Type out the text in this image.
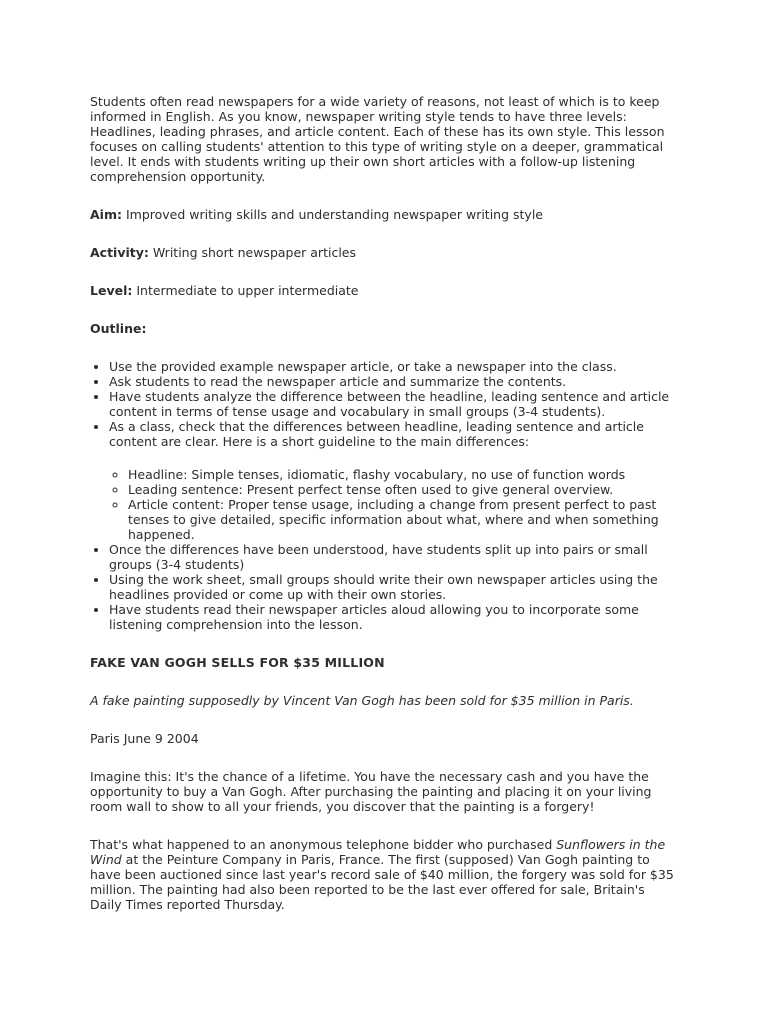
Students often read newspapers for a wide variety of reasons, not least of which is to keep informed in English. As you know, newspaper writing style tends to have three levels: Headlines, leading phrases, and article content. Each of these has its own style. This lesson focuses on calling students' attention to this type of writing style on a deeper, grammatical level. It ends with students writing up their own short articles with a follow-up listening comprehension opportunity.

Aim: Improved writing skills and understanding newspaper writing style

Activity: Writing short newspaper articles

Level: Intermediate to upper intermediate

Outline:

• Use the provided example newspaper article, or take a newspaper into the class.
• Ask students to read the newspaper article and summarize the contents.
• Have students analyze the difference between the headline, leading sentence and article content in terms of tense usage and vocabulary in small groups (3-4 students).
• As a class, check that the differences between headline, leading sentence and article content are clear. Here is a short guideline to the main differences:
◦ Headline: Simple tenses, idiomatic, flashy vocabulary, no use of function words
◦ Leading sentence: Present perfect tense often used to give general overview.
◦ Article content: Proper tense usage, including a change from present perfect to past tenses to give detailed, specific information about what, where and when something happened.
• Once the differences have been understood, have students split up into pairs or small groups (3-4 students)
• Using the work sheet, small groups should write their own newspaper articles using the headlines provided or come up with their own stories.
• Have students read their newspaper articles aloud allowing you to incorporate some listening comprehension into the lesson.

FAKE VAN GOGH SELLS FOR $35 MILLION

A fake painting supposedly by Vincent Van Gogh has been sold for $35 million in Paris.

Paris June 9 2004

Imagine this: It's the chance of a lifetime. You have the necessary cash and you have the opportunity to buy a Van Gogh. After purchasing the painting and placing it on your living room wall to show to all your friends, you discover that the painting is a forgery!

That's what happened to an anonymous telephone bidder who purchased Sunflowers in the Wind at the Peinture Company in Paris, France. The first (supposed) Van Gogh painting to have been auctioned since last year's record sale of $40 million, the forgery was sold for $35 million. The painting had also been reported to be the last ever offered for sale, Britain's Daily Times reported Thursday.
